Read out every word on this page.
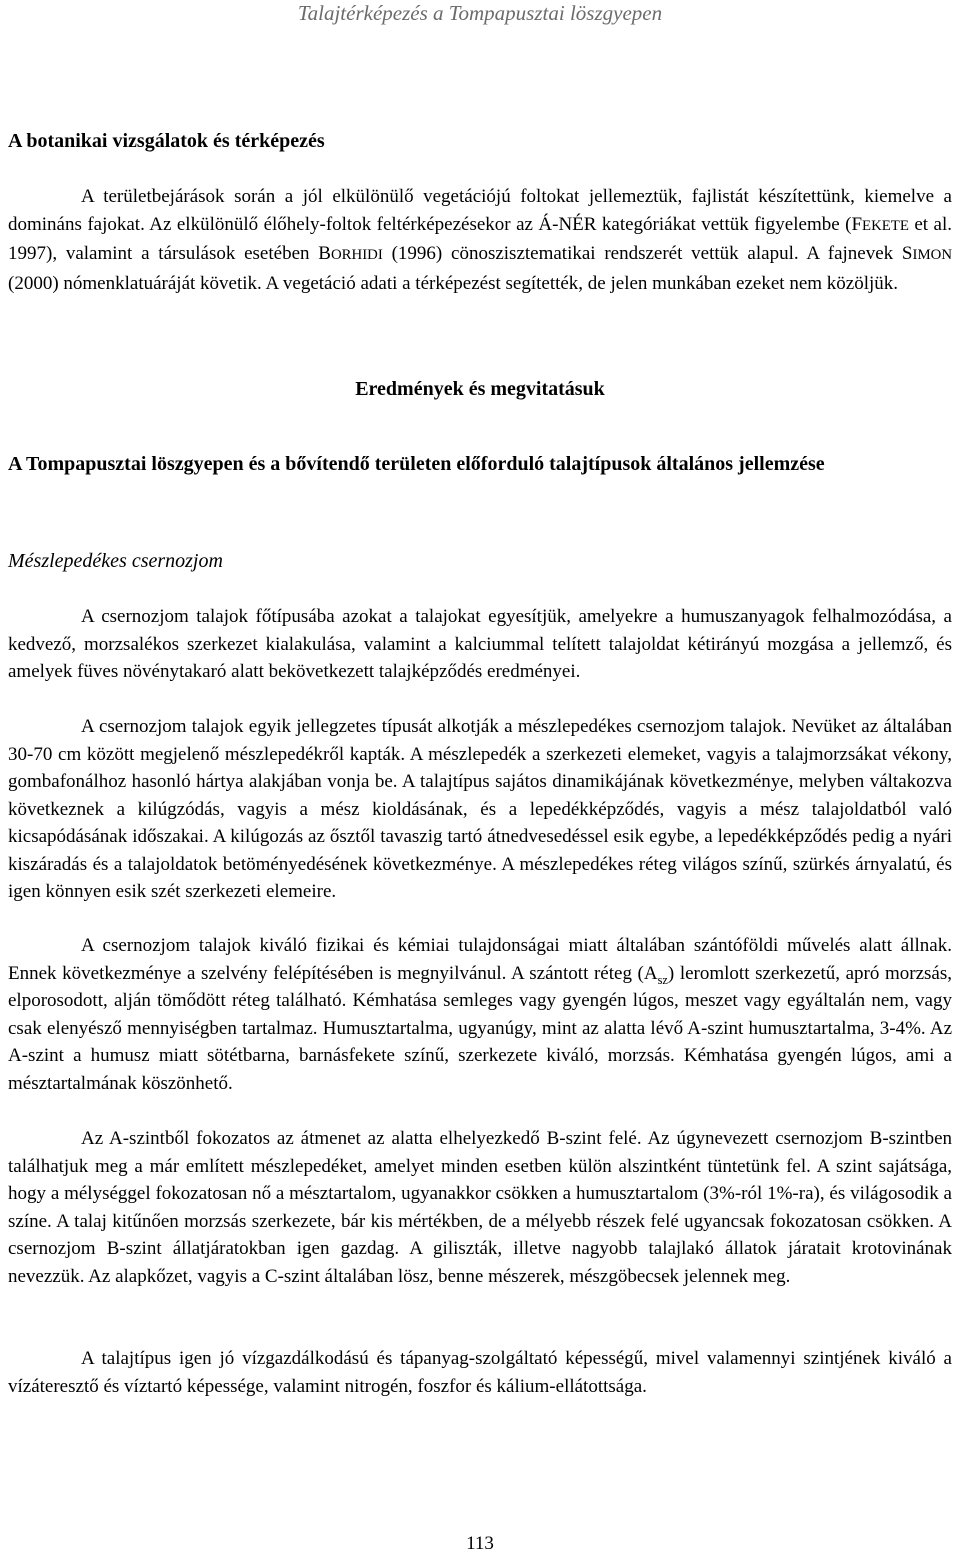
Talajtérképezés a Tompapusztai löszgyepen
A botanikai vizsgálatok és térképezés

A területbejárások során a jól elkülönülő vegetációjú foltokat jellemeztük, fajlistát készítettünk, kiemelve a domináns fajokat. Az elkülönülő élőhely-foltok feltérképezésekor az Á-NÉR kategóriákat vettük figyelembe (FEKETE et al. 1997), valamint a társulások esetében BORHIDI (1996) cönoszisztematikai rendszerét vettük alapul. A fajnevek SIMON (2000) nómenklatuáráját követik. A vegetáció adati a térképezést segítették, de jelen munkában ezeket nem közöljük.

Eredmények és megvitatásuk
A Tompapusztai löszgyepen és a bővítendő területen előforduló talajtípusok általános jellemzése
Mészlepedékes csernozjom

A csernozjom talajok főtípusába azokat a talajokat egyesítjük, amelyekre a humuszanyagok felhalmozódása, a kedvező, morzsalékos szerkezet kialakulása, valamint a kalciummal telített talajoldat kétirányú mozgása a jellemző, és amelyek füves növénytakaró alatt bekövetkezett talajképződés eredményei.

A csernozjom talajok egyik jellegzetes típusát alkotják a mészlepedékes csernozjom talajok. Nevüket az általában 30-70 cm között megjelenő mészlepedékről kapták. A mészlepedék a szerkezeti elemeket, vagyis a talajmorzsákat vékony, gombafonálhoz hasonló hártya alakjában vonja be. A talajtípus sajátos dinamikájának következménye, melyben váltakozva következnek a kilúgzódás, vagyis a mész kioldásának, és a lepedékképződés, vagyis a mész talajoldatból való kicsapódásának időszakai. A kilúgozás az ősztől tavaszig tartó átnedvesedéssel esik egybe, a lepedékképződés pedig a nyári kiszáradás és a talajoldatok betöményedésének következménye. A mészlepedékes réteg világos színű, szürkés árnyalatú, és igen könnyen esik szét szerkezeti elemeire.

A csernozjom talajok kiváló fizikai és kémiai tulajdonságai miatt általában szántóföldi művelés alatt állnak. Ennek következménye a szelvény felépítésében is megnyilvánul. A szántott réteg $(A_{sz})$ leromlott szerkezetű, apró morzsás, elporosodott, alján tömődött réteg található. Kémhatása semleges vagy gyengén lúgos, meszet vagy egyáltalán nem, vagy csak elenyésző mennyiségben tartalmaz. Humusztartalma, ugyanúgy, mint az alatta lévő A-szint humusztartalma, 3-4%. Az A-szint a humusz miatt sötétbarna, barnásfekete színű, szerkezete kiváló, morzsás. Kémhatása gyengén lúgos, ami a mésztartalmának köszönhető.

Az A-szintből fokozatos az átmenet az alatta elhelyezkedő B-szint felé. Az úgynevezett csernozjom B-szintben találhatjuk meg a már említett mészlepedéket, amelyet minden esetben külön alszintként tüntetünk fel. A szint sajátsága, hogy a mélységgel fokozatosan nő a mésztartalom, ugyanakkor csökken a humusztartalom (3%-ról 1%-ra), és világosodik a színe. A talaj kitűnően morzsás szerkezete, bár kis mértékben, de a mélyebb részek felé ugyancsak fokozatosan csökken. A csernozjom B-szint állatjáratokban igen gazdag. A giliszták, illetve nagyobb talajlakó állatok járatait krotovinának nevezzük. Az alapkőzet, vagyis a C-szint általában lösz, benne mészerek, mészgöbecsek jelennek meg.

A talajtípus igen jó vízgazdálkodású és tápanyag-szolgáltató képességű, mivel valamennyi szintjének kiváló a vízáteresztő és víztartó képessége, valamint nitrogén, foszfor és kálium-ellátottsága.

113
